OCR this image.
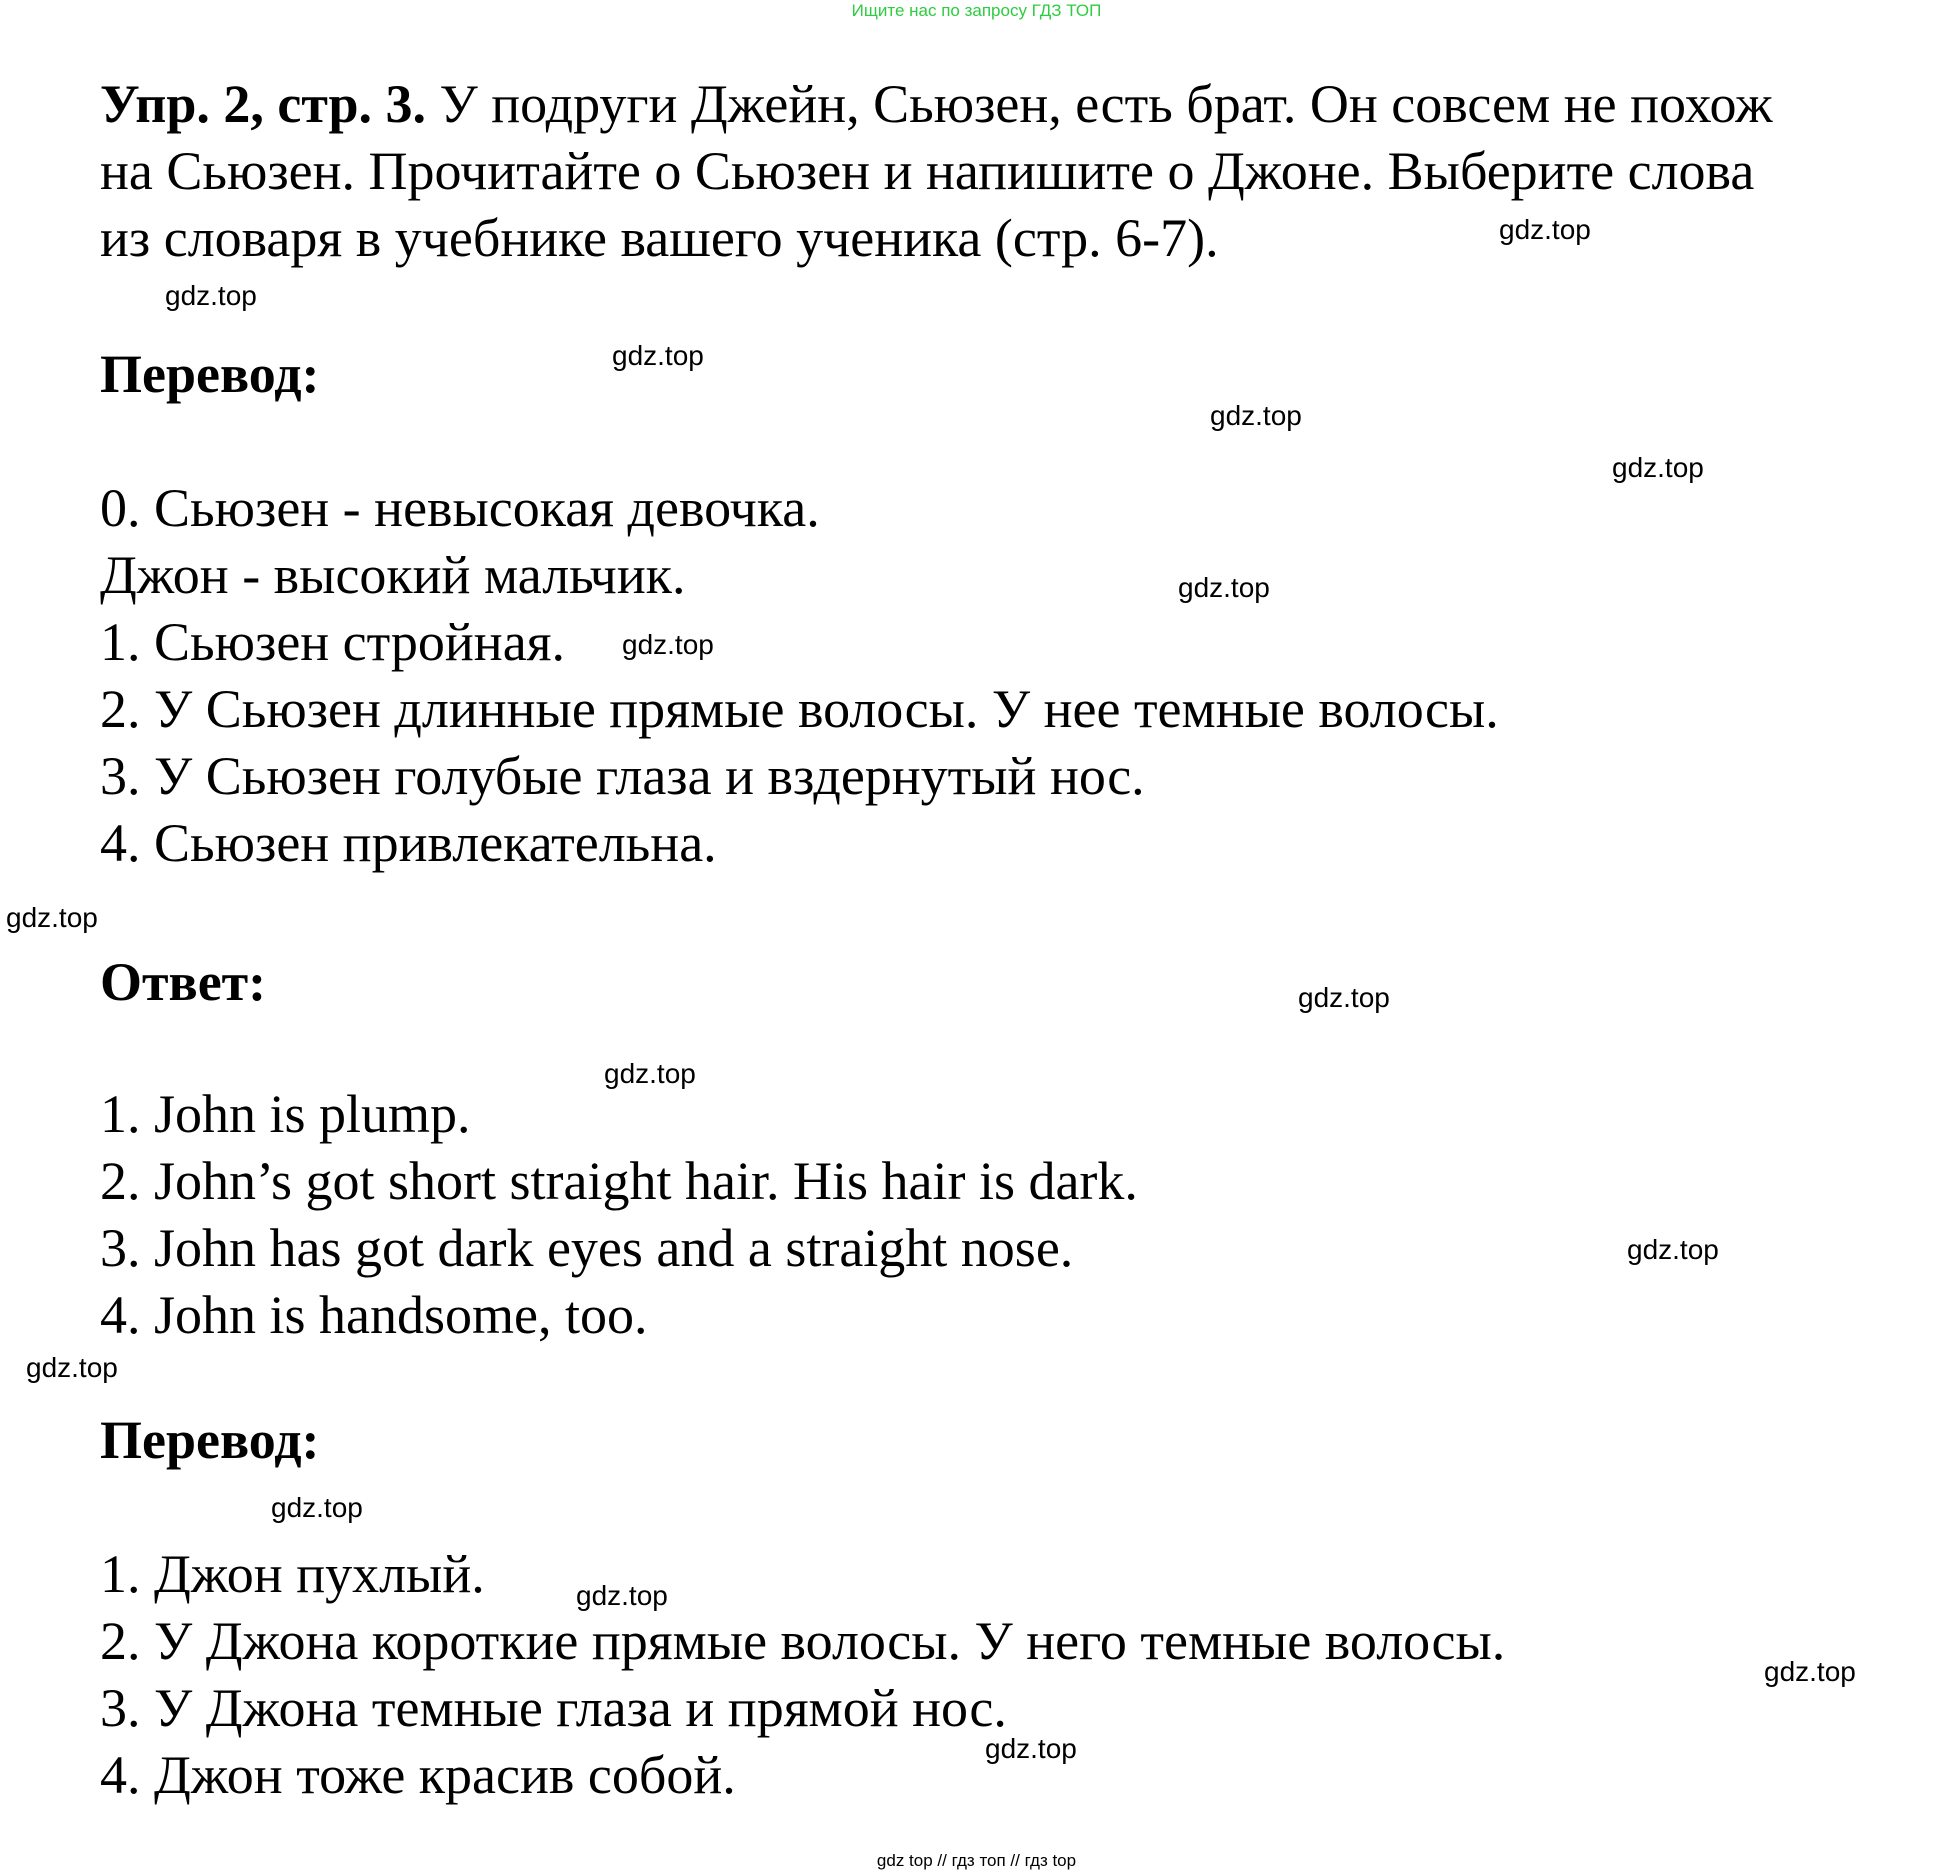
Ищите нас по запросу ГДЗ ТОП
Упр. 2, стр. 3. У подруги Джейн, Сьюзен, есть брат. Он совсем не похож
на Сьюзен. Прочитайте о Сьюзен и напишите о Джоне. Выберите слова
из словаря в учебнике вашего ученика (стр. 6-7).
Перевод:
0. Сьюзен - невысокая девочка.
Джон - высокий мальчик.
1. Сьюзен стройная.
2. У Сьюзен длинные прямые волосы. У нее темные волосы.
3. У Сьюзен голубые глаза и вздернутый нос.
4. Сьюзен привлекательна.
Ответ:
1. John is plump.
2. John’s got short straight hair. His hair is dark.
3. John has got dark eyes and a straight nose.
4. John is handsome, too.
Перевод:
1. Джон пухлый.
2. У Джона короткие прямые волосы. У него темные волосы.
3. У Джона темные глаза и прямой нос.
4. Джон тоже красив собой.
gdz.top
gdz.top
gdz.top
gdz.top
gdz.top
gdz.top
gdz.top
gdz.top
gdz.top
gdz.top
gdz.top
gdz.top
gdz.top
gdz.top
gdz.top
gdz.top
gdz top // гдз топ // гдз top
